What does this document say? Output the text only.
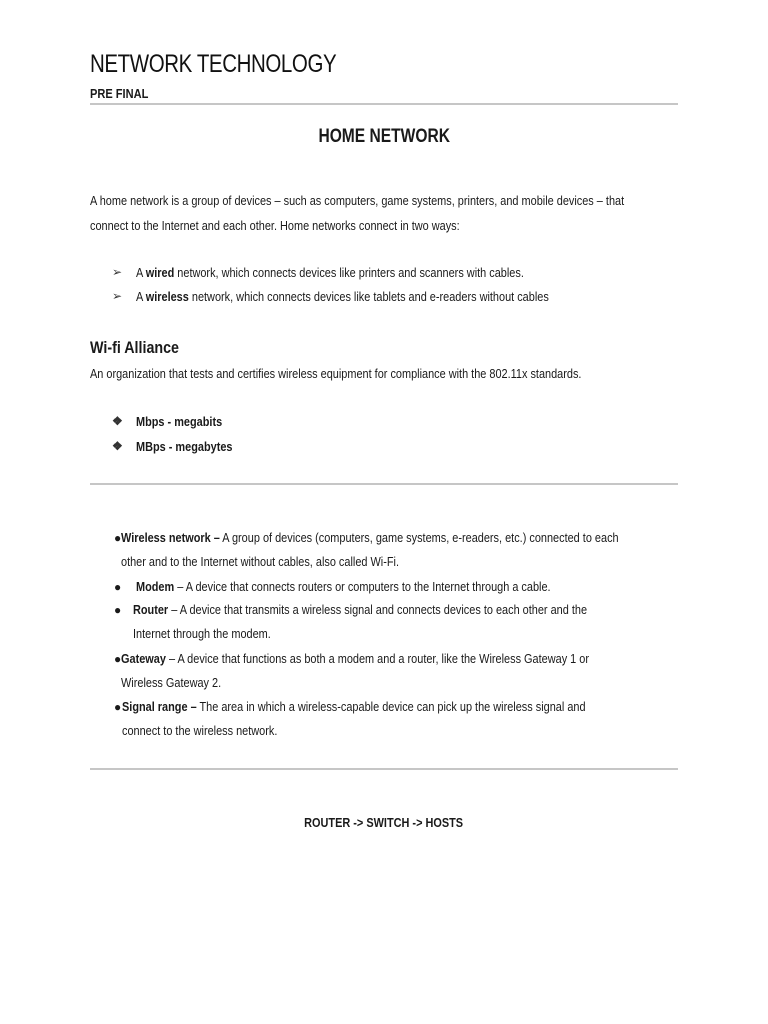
NETWORK TECHNOLOGY
PRE FINAL
HOME NETWORK
A home network is a group of devices – such as computers, game systems, printers, and mobile devices – that
connect to the Internet and each other. Home networks connect in two ways:
➢	A wired network, which connects devices like printers and scanners with cables.
➢	A wireless network, which connects devices like tablets and e-readers without cables
Wi-fi Alliance
An organization that tests and certifies wireless equipment for compliance with the 802.11x standards.
❖	Mbps - megabits
❖	MBps - megabytes
● Wireless network – A group of devices (computers, game systems, e-readers, etc.) connected to each
other and to the Internet without cables, also called Wi-Fi.
●	Modem – A device that connects routers or computers to the Internet through a cable.
● Router – A device that transmits a wireless signal and connects devices to each other and the
Internet through the modem.
● Gateway – A device that functions as both a modem and a router, like the Wireless Gateway 1 or
Wireless Gateway 2.
● Signal range – The area in which a wireless-capable device can pick up the wireless signal and
connect to the wireless network.
ROUTER -> SWITCH -> HOSTS
